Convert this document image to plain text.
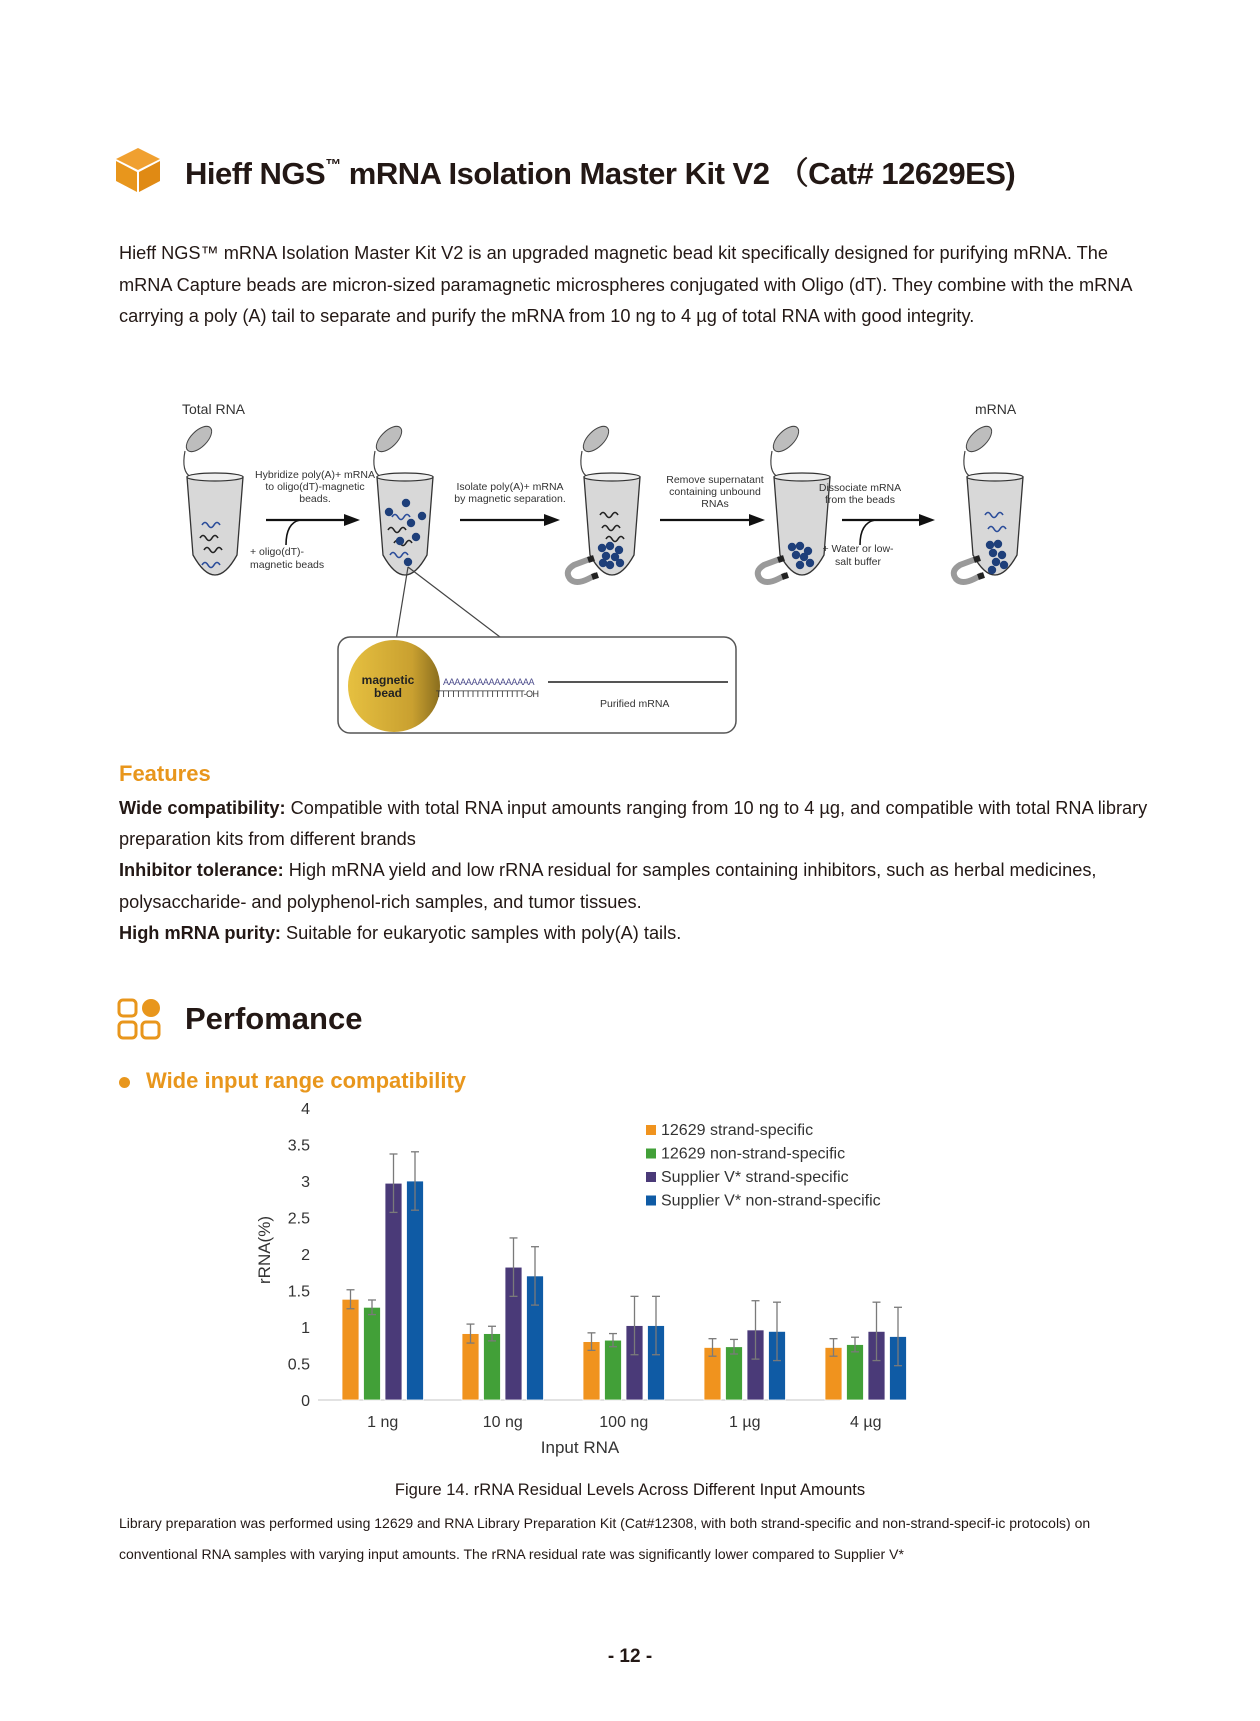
Hieff NGS™ mRNA Isolation Master Kit V2 （Cat# 12629ES)
Hieff NGS™ mRNA Isolation Master Kit V2 is an upgraded magnetic bead kit specifically designed for purifying mRNA. The mRNA Capture beads are micron-sized paramagnetic microspheres conjugated with Oligo (dT). They combine with the mRNA carrying a poly (A) tail to separate and purify the mRNA from 10 ng to 4 µg of total RNA with good integrity.
Total RNA	mRNA
Hybridize poly(A)+ mRNA
to oligo(dT)-magnetic
beads.
+ oligo(dT)-
magnetic beads
Isolate poly(A)+ mRNA
by magnetic separation.
Remove supernatant
containing unbound
RNAs
Dissociate mRNA
from the beads
+ Water or low-
salt buffer
magnetic
bead
AAAAAAAAAAAAAAAA
TTTTTTTTTTTTTTTTTT-OH
Purified mRNA
Features

Wide compatibility: Compatible with total RNA input amounts ranging from 10 ng to 4 µg, and compatible with total RNA library preparation kits from different brands

Inhibitor tolerance: High mRNA yield and low rRNA residual for samples containing inhibitors, such as herbal medicines, polysaccharide- and polyphenol-rich samples, and tumor tissues.

High mRNA purity: Suitable for eukaryotic samples with poly(A) tails.

Perfomance
Wide input range compatibility
0
0.5
1
1.5
2
2.5
3
3.5
4
rRNA(%)
1 ng	10 ng	100 ng	1 µg	4 µg
Input RNA
12629 strand-specific
12629 non-strand-specific
Supplier V* strand-specific
Supplier V* non-strand-specific
Figure 14. rRNA Residual Levels Across Different Input Amounts
Library preparation was performed using 12629 and RNA Library Preparation Kit (Cat#12308, with both strand-specific and non-strand-specif-ic protocols) on conventional RNA samples with varying input amounts. The rRNA residual rate was significantly lower compared to Supplier V*
- 12 -
